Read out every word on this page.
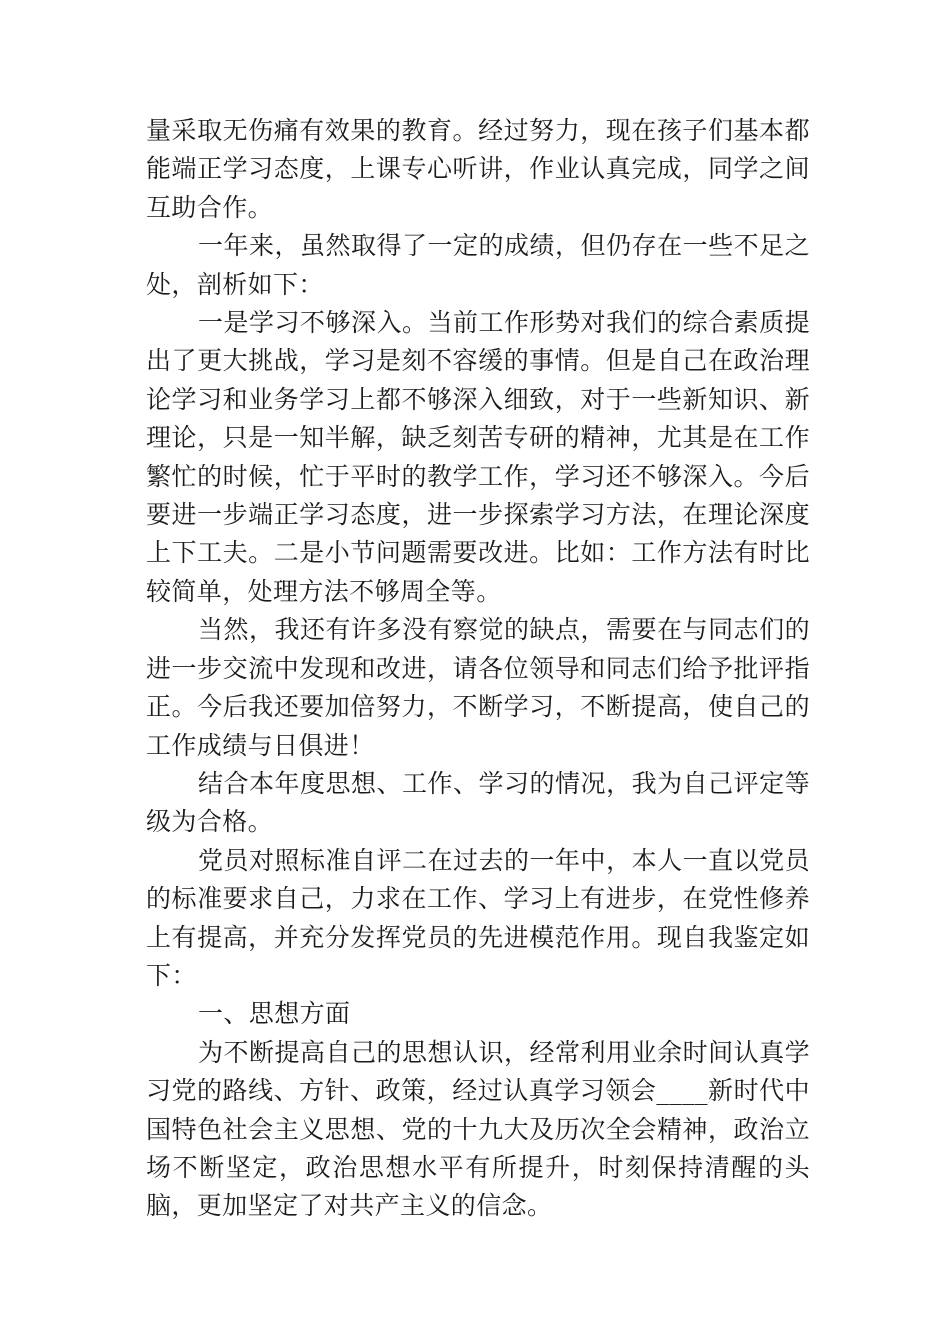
量采取无伤痛有效果的教育。经过努力，现在孩子们基本都能端正学习态度，上课专心听讲，作业认真完成，同学之间互助合作。

一年来，虽然取得了一定的成绩，但仍存在一些不足之处，剖析如下：

一是学习不够深入。当前工作形势对我们的综合素质提出了更大挑战，学习是刻不容缓的事情。但是自己在政治理论学习和业务学习上都不够深入细致，对于一些新知识、新理论，只是一知半解，缺乏刻苦专研的精神，尤其是在工作繁忙的时候，忙于平时的教学工作，学习还不够深入。今后要进一步端正学习态度，进一步探索学习方法，在理论深度上下工夫。二是小节问题需要改进。比如：工作方法有时比较简单，处理方法不够周全等。

当然，我还有许多没有察觉的缺点，需要在与同志们的进一步交流中发现和改进，请各位领导和同志们给予批评指正。今后我还要加倍努力，不断学习，不断提高，使自己的工作成绩与日俱进！

结合本年度思想、工作、学习的情况，我为自己评定等级为合格。

党员对照标准自评二在过去的一年中，本人一直以党员的标准要求自己，力求在工作、学习上有进步，在党性修养上有提高，并充分发挥党员的先进模范作用。现自我鉴定如下：

一、思想方面

为不断提高自己的思想认识，经常利用业余时间认真学习党的路线、方针、政策，经过认真学习领会____新时代中国特色社会主义思想、党的十九大及历次全会精神，政治立场不断坚定，政治思想水平有所提升，时刻保持清醒的头脑，更加坚定了对共产主义的信念。
